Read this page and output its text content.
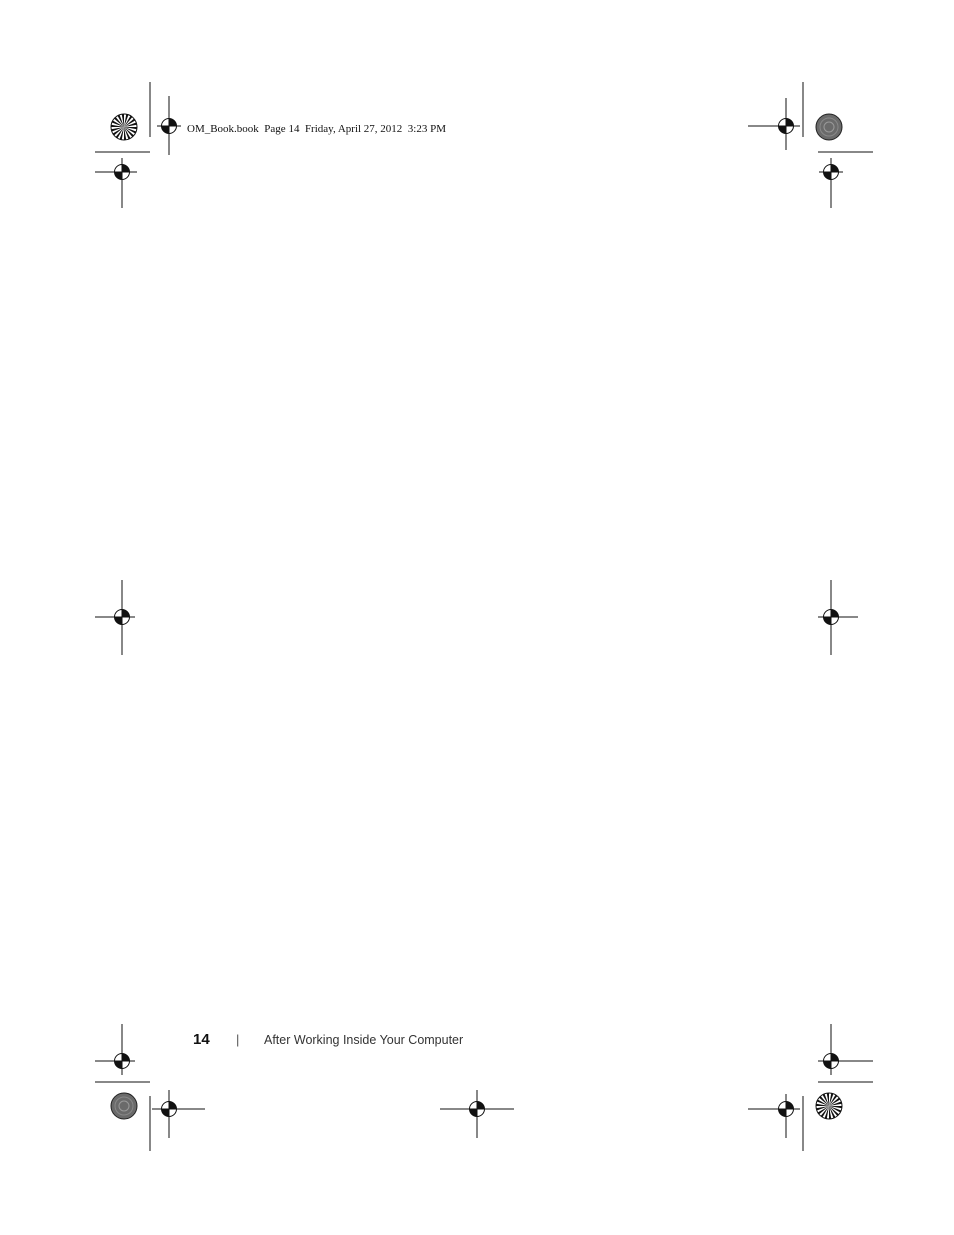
OM_Book.book  Page 14  Friday, April 27, 2012  3:23 PM
14 | After Working Inside Your Computer
